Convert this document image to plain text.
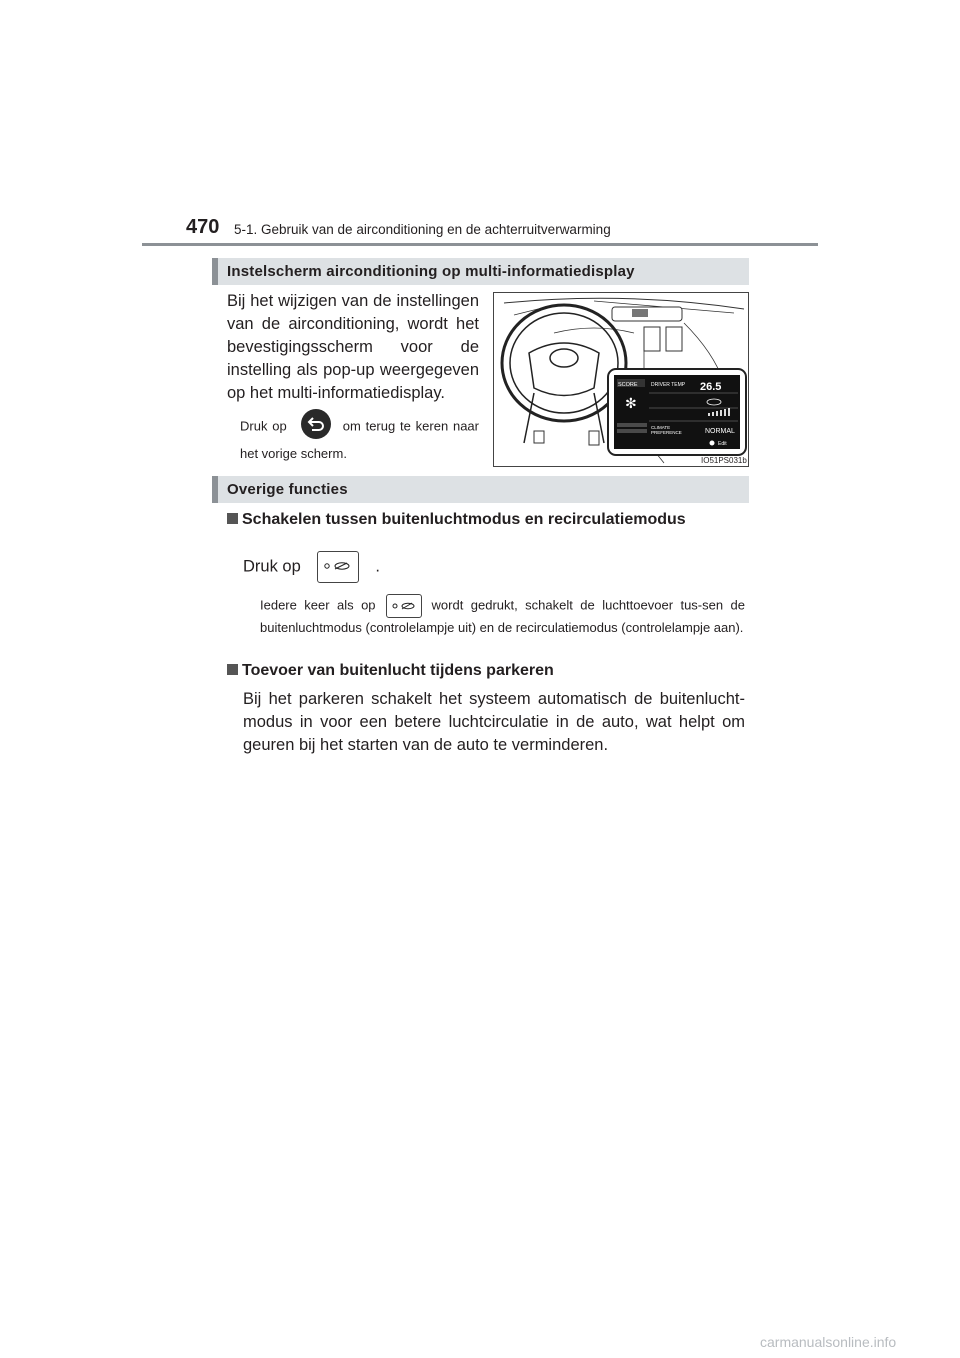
470 5-1. Gebruik van de airconditioning en de achterruitverwarming
Instelscherm airconditioning op multi-informatiedisplay
Bij het wijzigen van de instellingen van de airconditioning, wordt het bevestigingsscherm voor de instelling als pop-up weergegeven op het multi-informatiedisplay.
Druk op	om terug te keren naar het vorige scherm.
SCORE	DRIVER TEMP 26.5
✻
CLIMATE
PREFERENCE	NORMAL
Edit
IO51PS031b
Overige functies
Schakelen tussen buitenluchtmodus en recirculatiemodus
Druk op	.
Iedere keer als op	wordt gedrukt, schakelt de luchttoevoer tus-sen de buitenluchtmodus (controlelampje uit) en de recirculatiemodus (controlelampje aan).
Toevoer van buitenlucht tijdens parkeren
Bij het parkeren schakelt het systeem automatisch de buitenlucht-modus in voor een betere luchtcirculatie in de auto, wat helpt om geuren bij het starten van de auto te verminderen.
carmanualsonline.info
